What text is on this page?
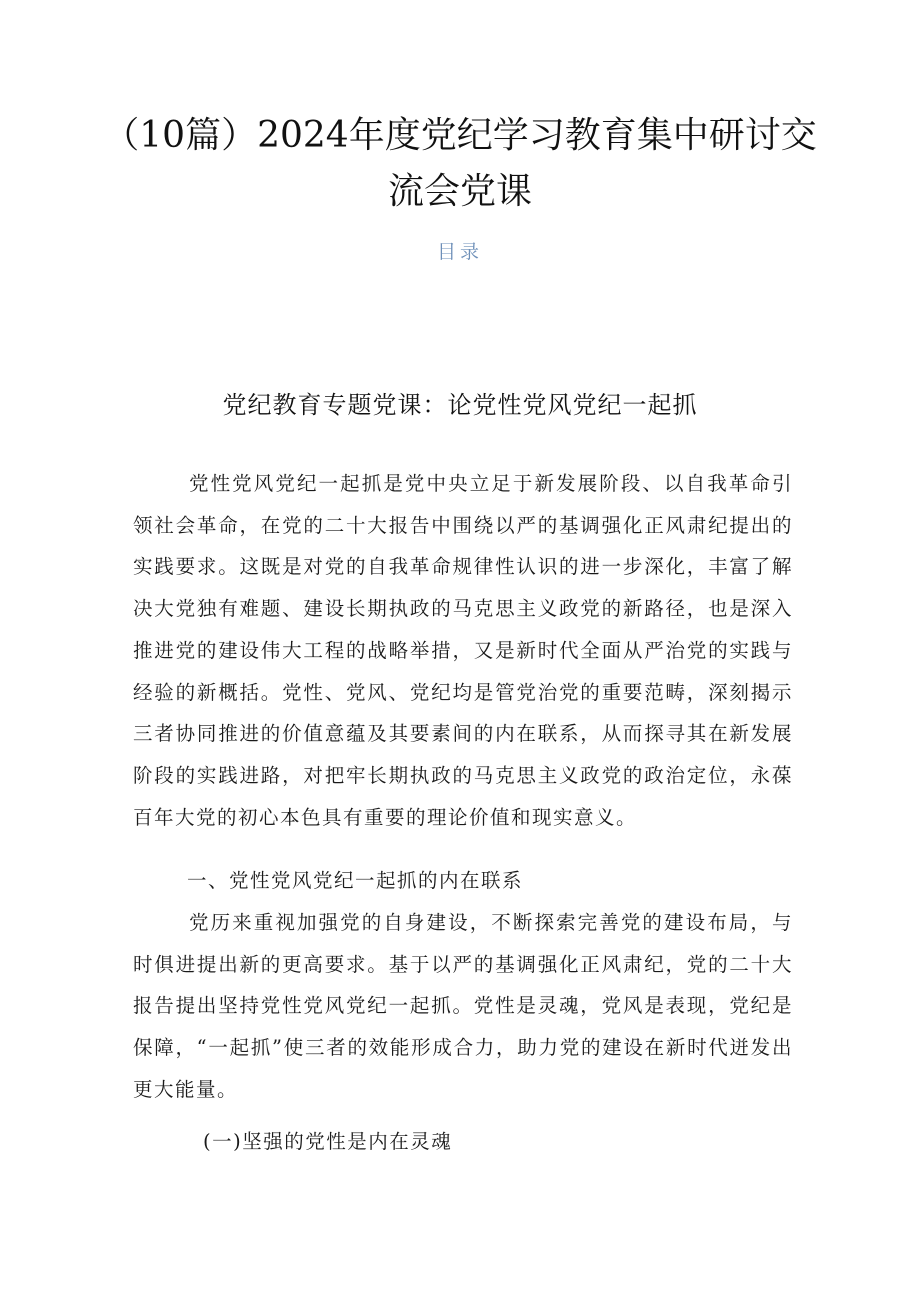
（10篇）2024年度党纪学习教育集中研讨交流会党课
目录
党纪教育专题党课：论党性党风党纪一起抓

党性党风党纪一起抓是党中央立足于新发展阶段、以自我革命引领社会革命，在党的二十大报告中围绕以严的基调强化正风肃纪提出的实践要求。这既是对党的自我革命规律性认识的进一步深化，丰富了解决大党独有难题、建设长期执政的马克思主义政党的新路径，也是深入推进党的建设伟大工程的战略举措，又是新时代全面从严治党的实践与经验的新概括。党性、党风、党纪均是管党治党的重要范畴，深刻揭示三者协同推进的价值意蕴及其要素间的内在联系，从而探寻其在新发展阶段的实践进路，对把牢长期执政的马克思主义政党的政治定位，永葆百年大党的初心本色具有重要的理论价值和现实意义。

一、党性党风党纪一起抓的内在联系

党历来重视加强党的自身建设，不断探索完善党的建设布局，与时俱进提出新的更高要求。基于以严的基调强化正风肃纪，党的二十大报告提出坚持党性党风党纪一起抓。党性是灵魂，党风是表现，党纪是保障，“一起抓”使三者的效能形成合力，助力党的建设在新时代迸发出更大能量。

(一)坚强的党性是内在灵魂
